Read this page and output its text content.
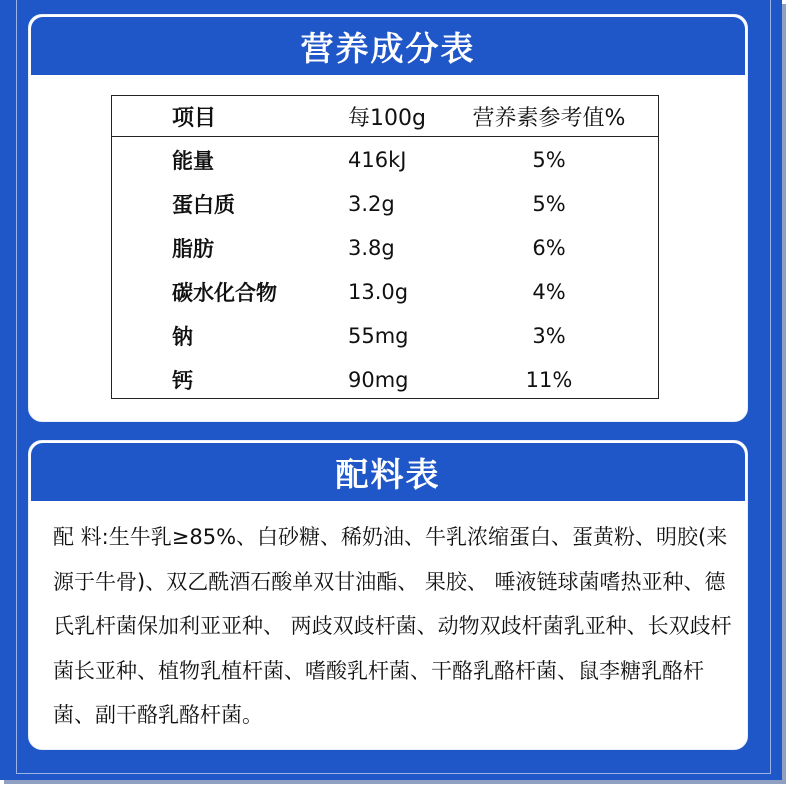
营养成分表
项目	每100g	营养素参考值%
能量	416kJ	5%
蛋白质	3.2g	5%
脂肪	3.8g	6%
碳水化合物	13.0g	4%
钠	55mg	3%
钙	90mg	11%
配料表
配 料:生牛乳≥85%、白砂糖、稀奶油、牛乳浓缩蛋白、蛋黄粉、明胶(来源于牛骨)、双乙酰酒石酸单双甘油酯、 果胶、 唾液链球菌嗜热亚种、德氏乳杆菌保加利亚亚种、 两歧双歧杆菌、动物双歧杆菌乳亚种、长双歧杆菌长亚种、植物乳植杆菌、嗜酸乳杆菌、干酪乳酪杆菌、鼠李糖乳酪杆菌、副干酪乳酪杆菌。
